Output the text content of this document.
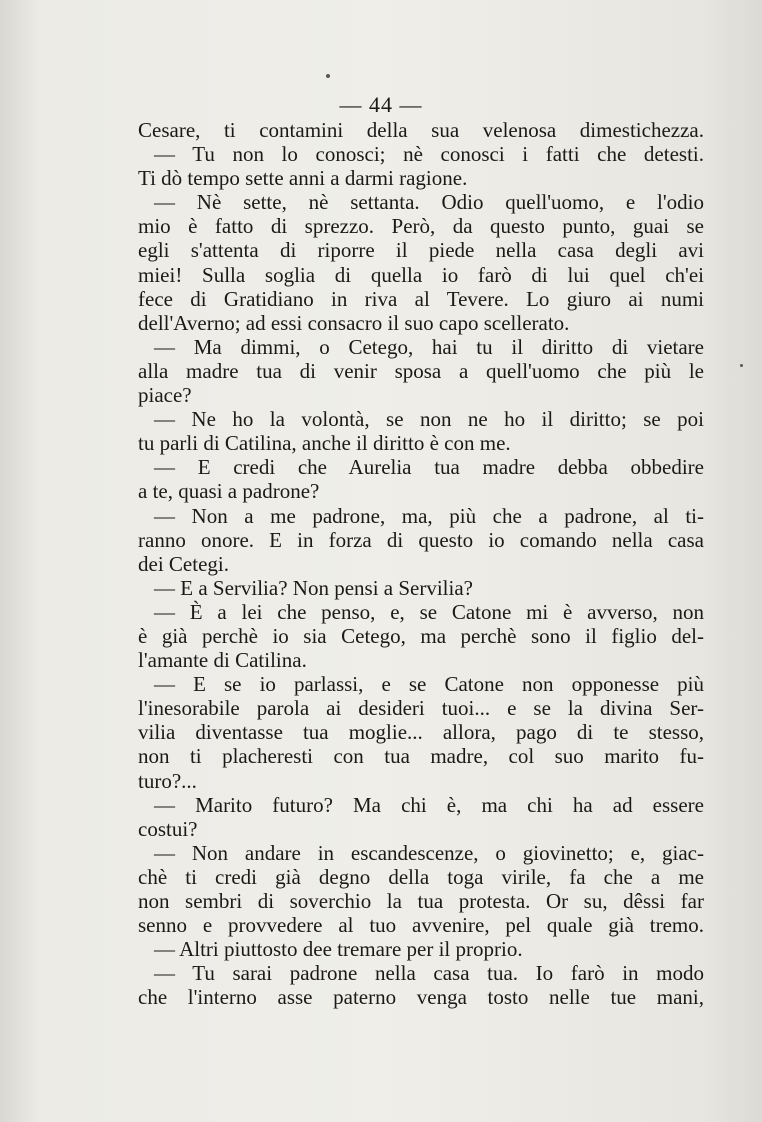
— 44 —
Cesare, ti contamini della sua velenosa dimestichezza.
— Tu non lo conosci; nè conosci i fatti che detesti.
Ti dò tempo sette anni a darmi ragione.
— Nè sette, nè settanta. Odio quell'uomo, e l'odio
mio è fatto di sprezzo. Però, da questo punto, guai se
egli s'attenta di riporre il piede nella casa degli avi
miei! Sulla soglia di quella io farò di lui quel ch'ei
fece di Gratidiano in riva al Tevere. Lo giuro ai numi
dell'Averno; ad essi consacro il suo capo scellerato.
— Ma dimmi, o Cetego, hai tu il diritto di vietare
alla madre tua di venir sposa a quell'uomo che più le
piace?
— Ne ho la volontà, se non ne ho il diritto; se poi
tu parli di Catilina, anche il diritto è con me.
— E credi che Aurelia tua madre debba obbedire
a te, quasi a padrone?
— Non a me padrone, ma, più che a padrone, al ti-
ranno onore. E in forza di questo io comando nella casa
dei Cetegi.
— E a Servilia? Non pensi a Servilia?
— È a lei che penso, e, se Catone mi è avverso, non
è già perchè io sia Cetego, ma perchè sono il figlio del-
l'amante di Catilina.
— E se io parlassi, e se Catone non opponesse più
l'inesorabile parola ai desideri tuoi... e se la divina Ser-
vilia diventasse tua moglie... allora, pago di te stesso,
non ti placheresti con tua madre, col suo marito fu-
turo?...
— Marito futuro? Ma chi è, ma chi ha ad essere
costui?
— Non andare in escandescenze, o giovinetto; e, giac-
chè ti credi già degno della toga virile, fa che a me
non sembri di soverchio la tua protesta. Or su, dêssi far
senno e provvedere al tuo avvenire, pel quale già tremo.
— Altri piuttosto dee tremare per il proprio.
— Tu sarai padrone nella casa tua. Io farò in modo
che l'interno asse paterno venga tosto nelle tue mani,
